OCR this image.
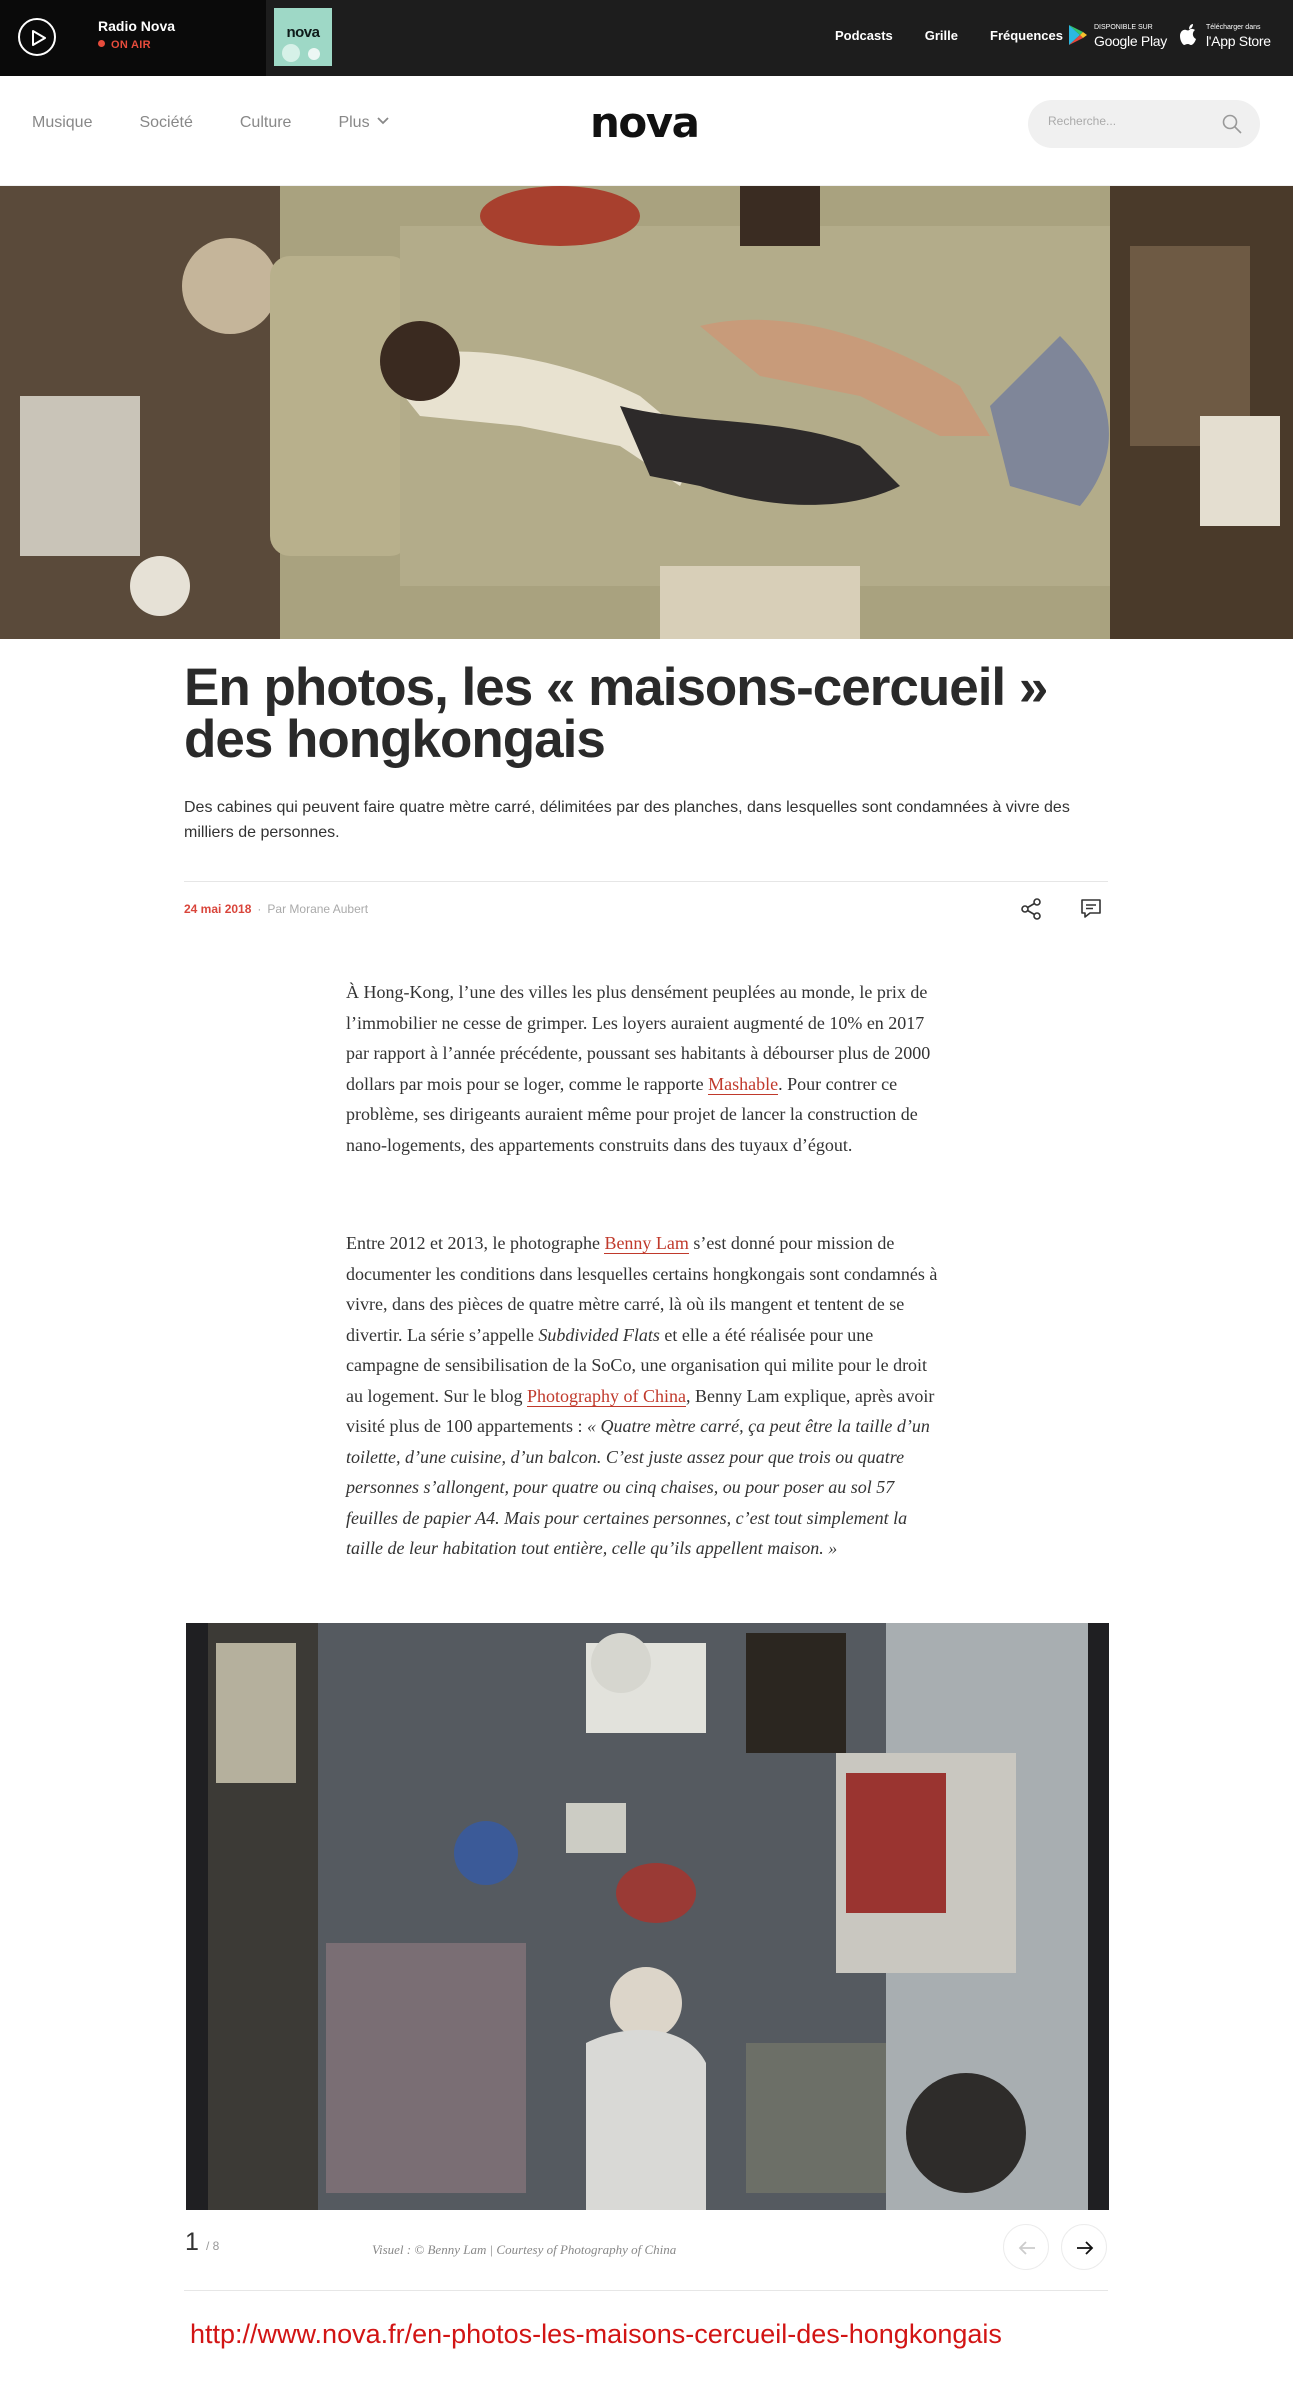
Radio Nova
ON AIR
nova	Podcasts Grille Fréquences
DISPONIBLE SUR
Google Play
Télécharger dans
l'App Store
Musique	Société	Culture	Plus	nova
Recherche...
En photos, les « maisons-cercueil » des hongkongais

Des cabines qui peuvent faire quatre mètre carré, délimitées par des planches, dans lesquelles sont condamnées à vivre des milliers de personnes.

24 mai 2018 · Par Morane Aubert

À Hong-Kong, l’une des villes les plus densément peuplées au monde, le prix de l’immobilier ne cesse de grimper. Les loyers auraient augmenté de 10% en 2017 par rapport à l’année précédente, poussant ses habitants à débourser plus de 2000 dollars par mois pour se loger, comme le rapporte Mashable. Pour contrer ce problème, ses dirigeants auraient même pour projet de lancer la construction de nano-logements, des appartements construits dans des tuyaux d’égout.

Entre 2012 et 2013, le photographe Benny Lam s’est donné pour mission de documenter les conditions dans lesquelles certains hongkongais sont condamnés à vivre, dans des pièces de quatre mètre carré, là où ils mangent et tentent de se divertir. La série s’appelle Subdivided Flats et elle a été réalisée pour une campagne de sensibilisation de la SoCo, une organisation qui milite pour le droit au logement. Sur le blog Photography of China, Benny Lam explique, après avoir visité plus de 100 appartements : « Quatre mètre carré, ça peut être la taille d’un toilette, d’une cuisine, d’un balcon. C’est juste assez pour que trois ou quatre personnes s’allongent, pour quatre ou cinq chaises, ou pour poser au sol 57 feuilles de papier A4. Mais pour certaines personnes, c’est tout simplement la taille de leur habitation tout entière, celle qu’ils appellent maison. »

1 / 8	Visuel : © Benny Lam | Courtesy of Photography of China
http://www.nova.fr/en-photos-les-maisons-cercueil-des-hongkongais
